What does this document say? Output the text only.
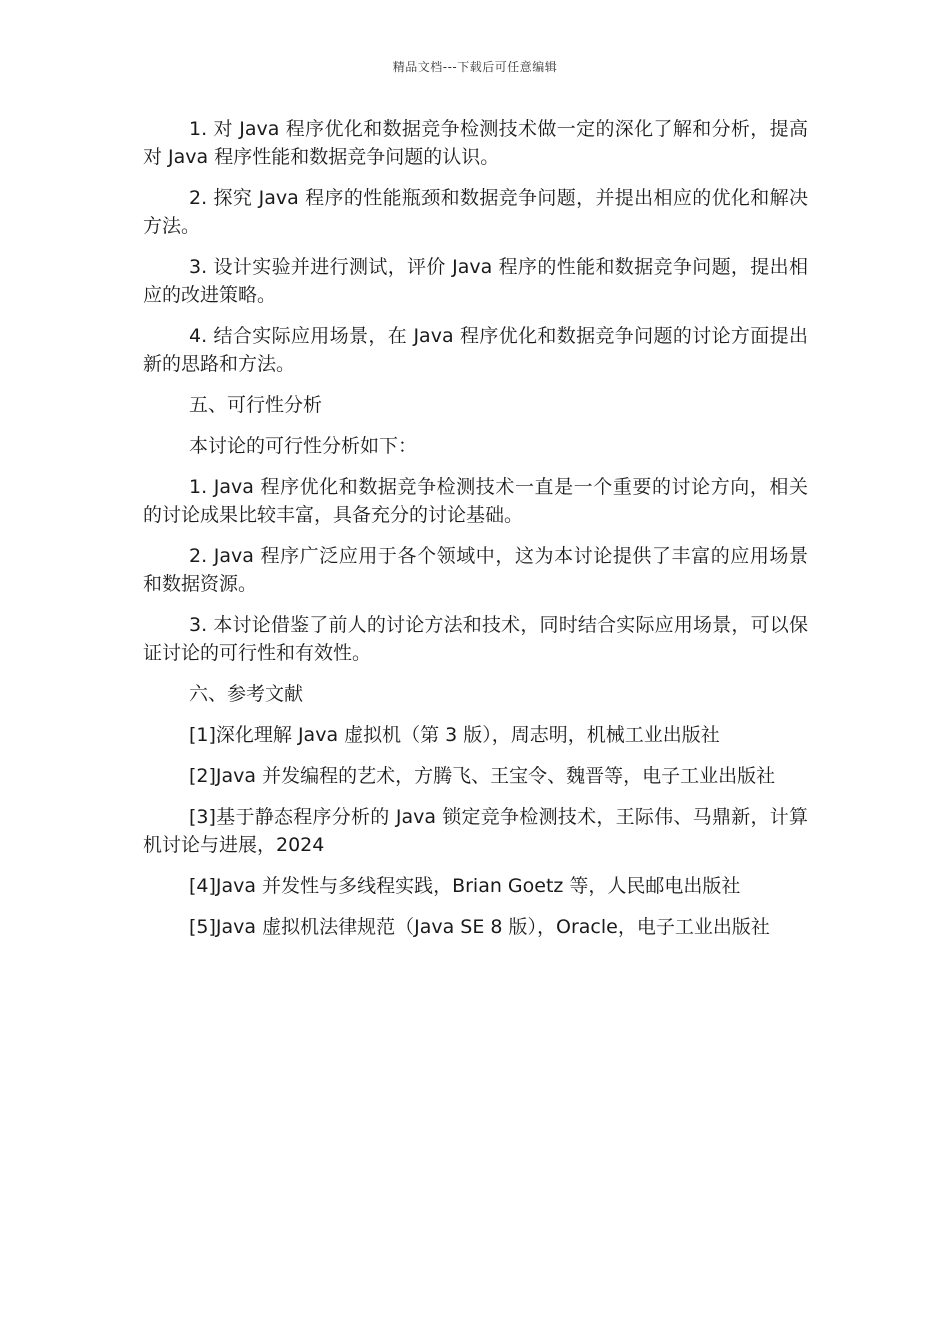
精品文档---下载后可任意编辑

1. 对 Java 程序优化和数据竞争检测技术做一定的深化了解和分析，提高对 Java 程序性能和数据竞争问题的认识。

2. 探究 Java 程序的性能瓶颈和数据竞争问题，并提出相应的优化和解决方法。

3. 设计实验并进行测试，评价 Java 程序的性能和数据竞争问题，提出相应的改进策略。

4. 结合实际应用场景，在 Java 程序优化和数据竞争问题的讨论方面提出新的思路和方法。

五、可行性分析

本讨论的可行性分析如下：

1. Java 程序优化和数据竞争检测技术一直是一个重要的讨论方向，相关的讨论成果比较丰富，具备充分的讨论基础。

2. Java 程序广泛应用于各个领域中，这为本讨论提供了丰富的应用场景和数据资源。

3. 本讨论借鉴了前人的讨论方法和技术，同时结合实际应用场景，可以保证讨论的可行性和有效性。

六、参考文献

[1]深化理解 Java 虚拟机（第 3 版），周志明，机械工业出版社

[2]Java 并发编程的艺术，方腾飞、王宝令、魏晋等，电子工业出版社

[3]基于静态程序分析的 Java 锁定竞争检测技术，王际伟、马鼎新，计算机讨论与进展，2024

[4]Java 并发性与多线程实践，Brian Goetz 等，人民邮电出版社

[5]Java 虚拟机法律规范（Java SE 8 版），Oracle，电子工业出版社
